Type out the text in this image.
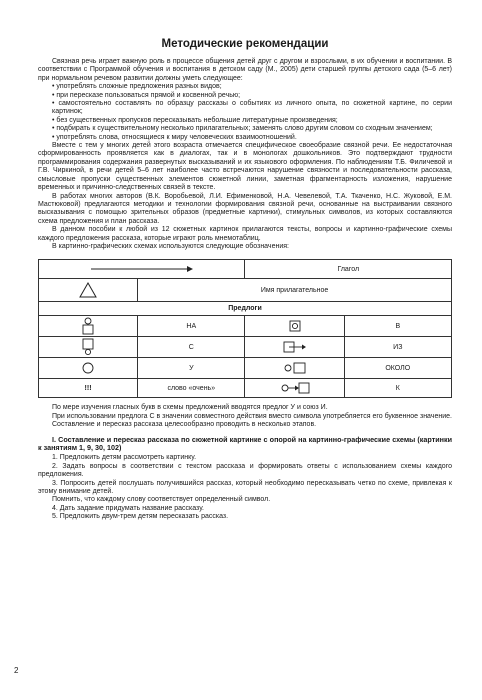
Методические рекомендации

Связная речь играет важную роль в процессе общения детей друг с другом и взрослыми, в их обучении и воспитании. В соответствии с Программой обучения и воспитания в детском саду (М., 2005) дети старшей группы детского сада (5–6 лет) при нормальном речевом развитии должны уметь следующее:

• употреблять сложные предложения разных видов;

• при пересказе пользоваться прямой и косвенной речью;

• самостоятельно составлять по образцу рассказы о событиях из личного опыта, по сюжетной картине, по серии картинок;

• без существенных пропусков пересказывать небольшие литературные произведения;

• подбирать к существительному несколько прилагательных; заменять слово другим словом со сходным значением;

• употреблять слова, относящиеся к миру человеческих взаимоотношений.

Вместе с тем у многих детей этого возраста отмечается специфическое своеобразие связной речи. Ее недостаточная сформированность проявляется как в диалогах, так и в монологах дошкольников. Это подтверждают трудности программирования содержания развернутых высказываний и их языкового оформления. По наблюдениям Т.Б. Филичевой и Г.В. Чиркиной, в речи детей 5–6 лет наиболее часто встречаются нарушение связности и последовательности рассказа, смысловые пропуски существенных элементов сюжетной линии, заметная фрагментарность изложения, нарушение временных и причинно-следственных связей в тексте.

В работах многих авторов (В.К. Воробьевой, Л.И. Ефименковой, Н.А. Чевелевой, Т.А. Ткаченко, Н.С. Жуковой, Е.М. Мастюковой) предлагаются методики и технологии формирования связной речи, основанные на выстраивании связного высказывания с помощью зрительных образов (предметные картинки), стимульных символов, из которых составляются схема предложения и план рассказа.

В данном пособии к любой из 12 сюжетных картинок прилагаются тексты, вопросы и картинно-графические схемы каждого предложения рассказа, которые играют роль мнемотаблиц.

В картинно-графических схемах используются следующие обозначения:

	Глагол	
	Имя прилагательное		
Предлоги			
	НА		В
	С		ИЗ
	У		ОКОЛО
!!!	слово «очень»		К

По мере изучения гласных букв в схемы предложений вводятся предлог У и союз И.

При использовании предлога С в значении совместного действия вместо символа употребляется его буквенное значение.

Составление и пересказ рассказа целесообразно проводить в несколько этапов.

I. Составление и пересказ рассказа по сюжетной картинке с опорой на картинно-графические схемы (картинки к занятиям 1, 9, 30, 102)

1. Предложить детям рассмотреть картинку.

2. Задать вопросы в соответствии с текстом рассказа и формировать ответы с использованием схемы каждого предложения.

3. Попросить детей послушать получившийся рассказ, который необходимо пересказывать четко по схеме, привлекая к этому внимание детей.

Помнить, что каждому слову соответствует определенный символ.

4. Дать задание придумать название рассказу.

5. Предложить двум-трем детям пересказать рассказ.

2
